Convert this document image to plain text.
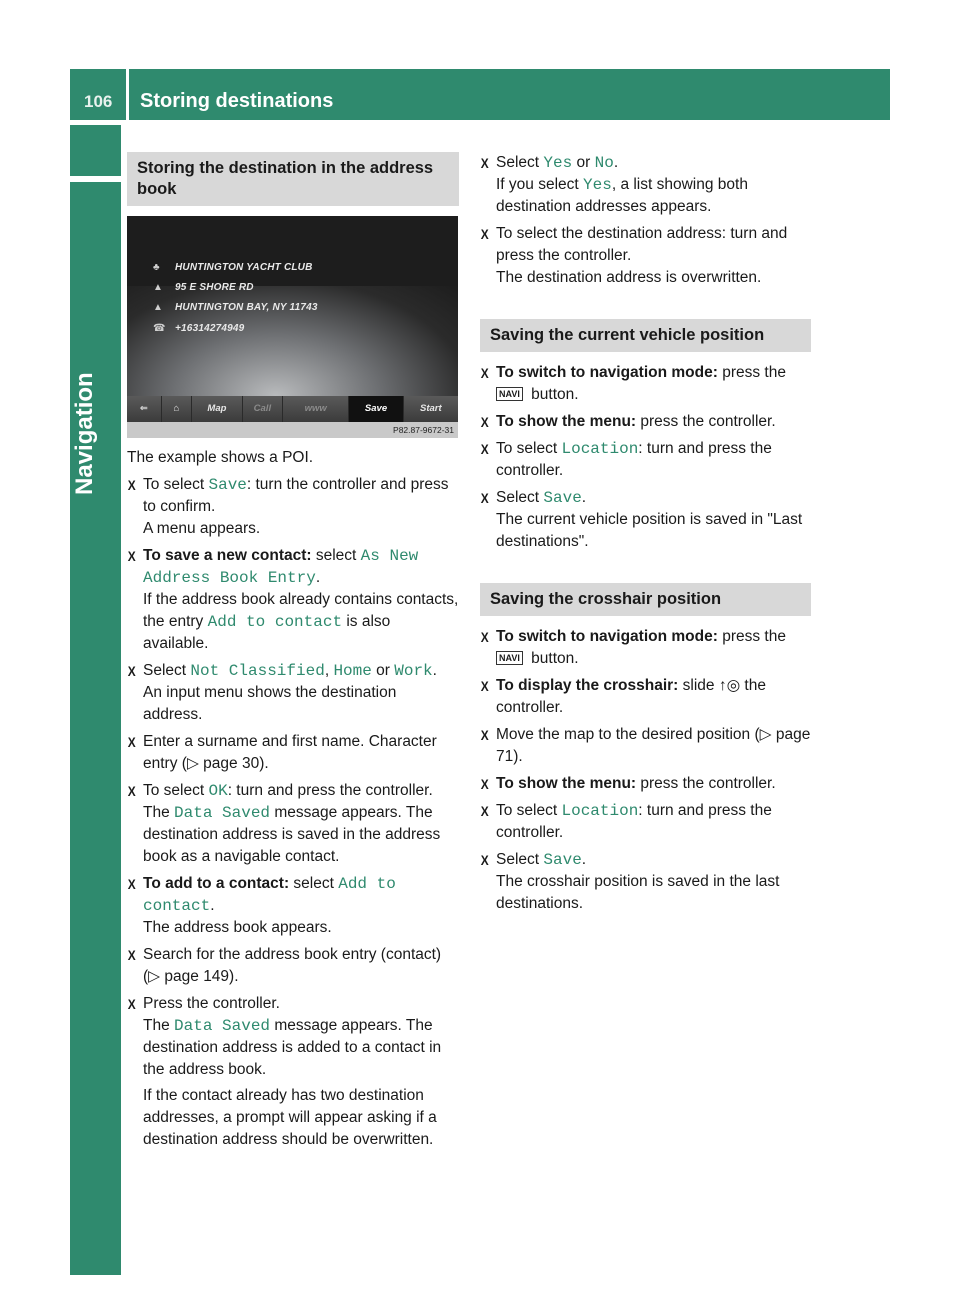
106	Storing destinations
Storing the destination in the address book
♣ HUNTINGTON YACHT CLUB
▲ 95 E SHORE RD
▲ HUNTINGTON BAY, NY 11743
☎ +16314274949
⇐	⌂	Map	Call	www	Save	Start
P82.87-9672-31

The example shows a POI.

X To select Save: turn the controller and press to confirm.
A menu appears.
X To save a new contact: select As New Address Book Entry.
If the address book already contains contacts, the entry Add to contact is also available.
X Select Not Classified, Home or Work.
An input menu shows the destination address.
X Enter a surname and first name. Character entry (▷ page 30).
X To select OK: turn and press the controller.
The Data Saved message appears. The destination address is saved in the address book as a navigable contact.
X To add to a contact: select Add to contact.
The address book appears.
X Search for the address book entry (contact) (▷ page 149).
X Press the controller.
The Data Saved message appears. The destination address is added to a contact in the address book.
If the contact already has two destination addresses, a prompt will appear asking if a destination address should be overwritten.
X Select Yes or No.
If you select Yes, a list showing both destination addresses appears.
X To select the destination address: turn and press the controller.
The destination address is overwritten.
Saving the current vehicle position
X To switch to navigation mode: press the
NAVI button.
X To show the menu: press the controller.
X To select Location: turn and press the controller.
X Select Save.
The current vehicle position is saved in "Last destinations".
Saving the crosshair position
X To switch to navigation mode: press the
NAVI button.
X To display the crosshair: slide ↑◎ the controller.
X Move the map to the desired position (▷ page 71).
X To show the menu: press the controller.
X To select Location: turn and press the controller.
X Select Save.
The crosshair position is saved in the last destinations.
